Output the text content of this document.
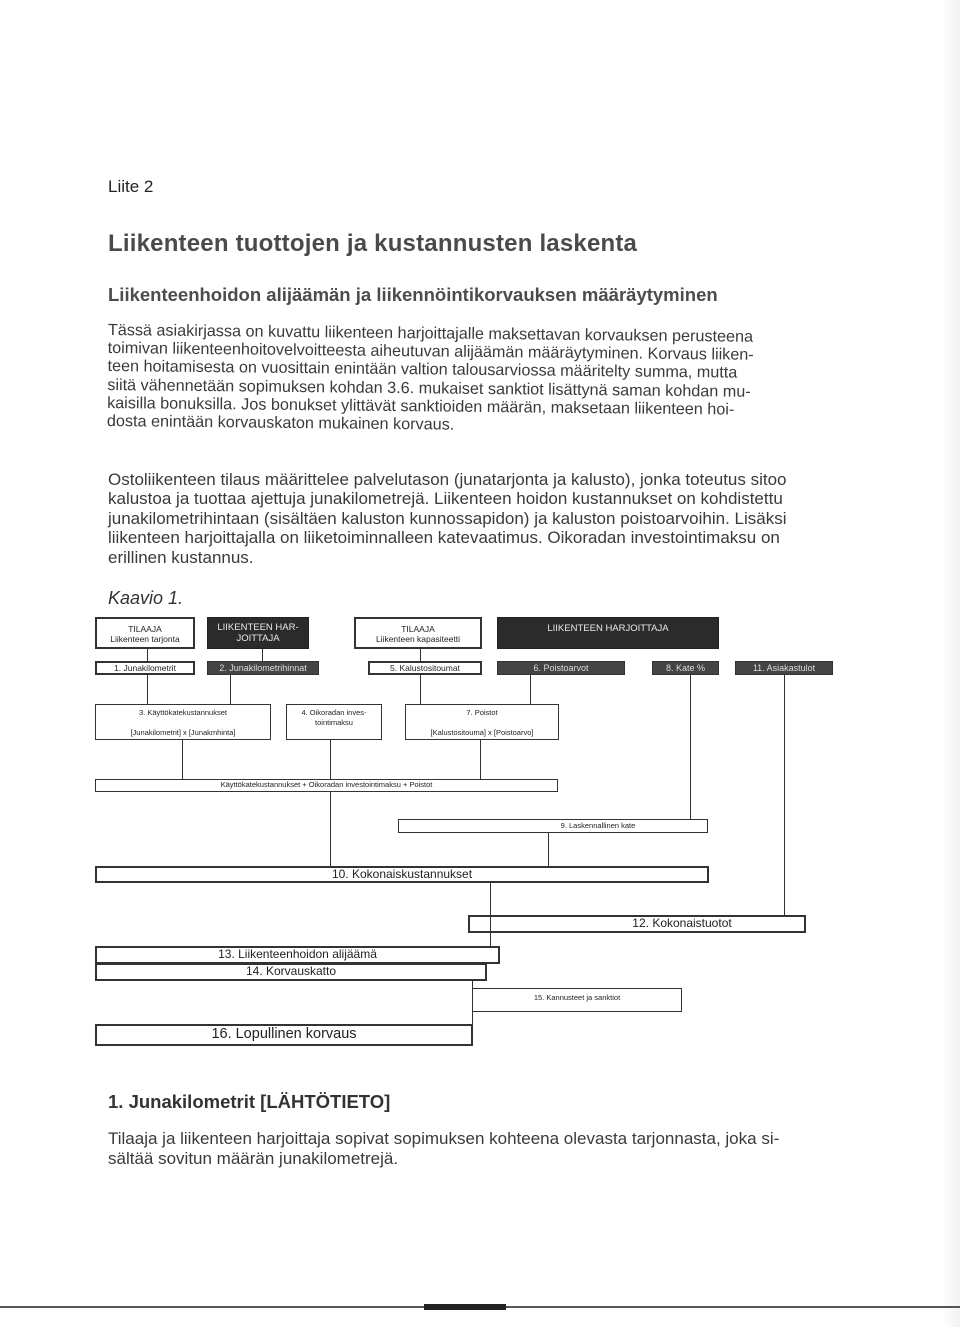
Liite 2
Liikenteen tuottojen ja kustannusten laskenta
Liikenteenhoidon alijäämän ja liikennöintikorvauksen määräytyminen
Tässä asiakirjassa on kuvattu liikenteen harjoittajalle maksettavan korvauksen perusteena
toimivan liikenteenhoitovelvoitteesta aiheutuvan alijäämän määräytyminen. Korvaus liiken-
teen hoitamisesta on vuosittain enintään valtion talousarviossa määritelty summa, mutta
siitä vähennetään sopimuksen kohdan 3.6. mukaiset sanktiot lisättynä saman kohdan mu-
kaisilla bonuksilla. Jos bonukset ylittävät sanktioiden määrän, maksetaan liikenteen hoi-
dosta enintään korvauskaton mukainen korvaus.
Ostoliikenteen tilaus määrittelee palvelutason (junatarjonta ja kalusto), jonka toteutus sitoo
kalustoa ja tuottaa ajettuja junakilometrejä. Liikenteen hoidon kustannukset on kohdistettu
junakilometrihintaan (sisältäen kaluston kunnossapidon) ja kaluston poistoarvoihin. Lisäksi
liikenteen harjoittajalla on liiketoiminnalleen katevaatimus. Oikoradan investointimaksu on
erillinen kustannus.
Kaavio 1.
TILAAJA
Liikenteen tarjonta
LIIKENTEEN HAR-
JOITTAJA
TILAAJA
Liikenteen kapasiteetti
LIIKENTEEN HARJOITTAJA
1. Junakilometrit	2. Junakilometrihinnat	5. Kalustositoumat	6. Poistoarvot	8. Kate %	11. Asiakastulot
3. Käyttökatekustannukset
[Junakilometrit] x [Junakmhinta]
4. Oikoradan inves-
tointimaksu
7. Poistot
[Kalustositouma] x [Poistoarvo]
Käyttökatekustannukset + Oikoradan investointimaksu + Poistot
9. Laskennallinen kate
10. Kokonaiskustannukset
12. Kokonaistuotot
13. Liikenteenhoidon alijäämä
14. Korvauskatto
15. Kannusteet ja sanktiot
16. Lopullinen korvaus
1. Junakilometrit [LÄHTÖTIETO]
Tilaaja ja liikenteen harjoittaja sopivat sopimuksen kohteena olevasta tarjonnasta, joka si-
sältää sovitun määrän junakilometrejä.
